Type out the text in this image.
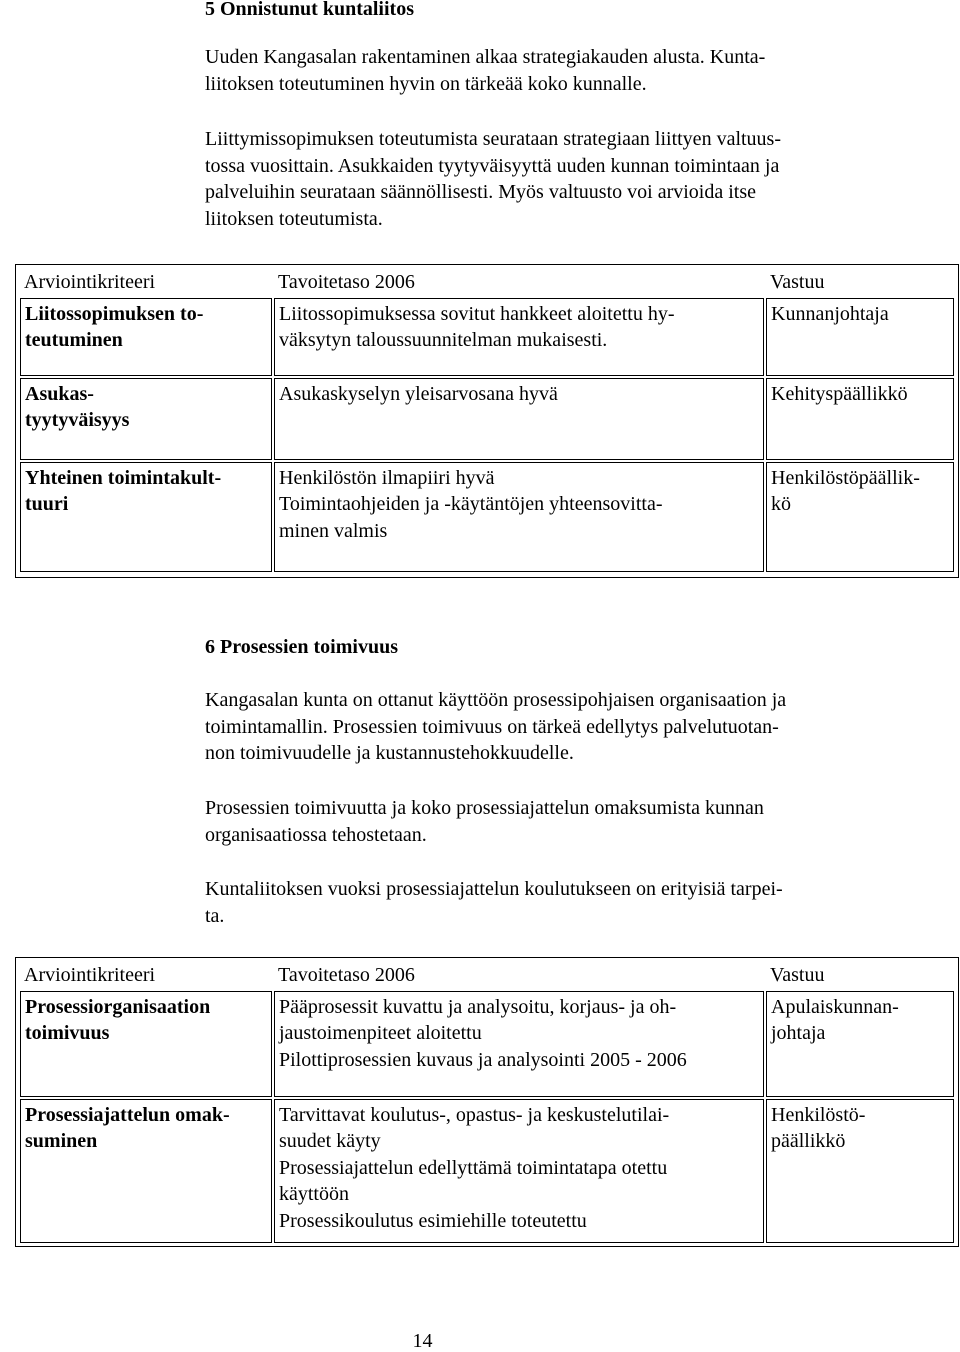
5 Onnistunut kuntaliitos

Uuden Kangasalan rakentaminen alkaa strategiakauden alusta. Kunta-
liitoksen toteutuminen hyvin on tärkeää koko kunnalle.

Liittymissopimuksen toteutumista seurataan strategiaan liittyen valtuus-
tossa vuosittain. Asukkaiden tyytyväisyyttä uuden kunnan toimintaan ja
palveluihin seurataan säännöllisesti. Myös valtuusto voi arvioida itse
liitoksen toteutumista.

Arviointikriteeri	Tavoitetaso 2006	Vastuu

Liitossopimuksen to-
teutuminen	Liitossopimuksessa sovitut hankkeet aloitettu hy-
väksytyn taloussuunnitelman mukaisesti.	Kunnanjohtaja

Asukas-
tyytyväisyys	Asukaskyselyn yleisarvosana hyvä	Kehityspäällikkö

Yhteinen toimintakult-
tuuri	Henkilöstön ilmapiiri hyvä
Toimintaohjeiden ja -käytäntöjen yhteensovitta-
minen valmis	Henkilöstöpäällik-
kö
6 Prosessien toimivuus

Kangasalan kunta on ottanut käyttöön prosessipohjaisen organisaation ja
toimintamallin. Prosessien toimivuus on tärkeä edellytys palvelutuotan-
non toimivuudelle ja kustannustehokkuudelle.

Prosessien toimivuutta ja koko prosessiajattelun omaksumista kunnan
organisaatiossa tehostetaan.

Kuntaliitoksen vuoksi prosessiajattelun koulutukseen on erityisiä tarpei-
ta.

Arviointikriteeri	Tavoitetaso 2006	Vastuu

Prosessiorganisaation
toimivuus	Pääprosessit kuvattu ja analysoitu, korjaus- ja oh-
jaustoimenpiteet aloitettu
Pilottiprosessien kuvaus ja analysointi 2005 - 2006	Apulaiskunnan-
johtaja

Prosessiajattelun omak-
suminen	Tarvittavat koulutus-, opastus- ja keskustelutilai-
suudet käyty
Prosessiajattelun edellyttämä toimintatapa otettu
käyttöön
Prosessikoulutus esimiehille toteutettu	Henkilöstö-
päällikkö
14
